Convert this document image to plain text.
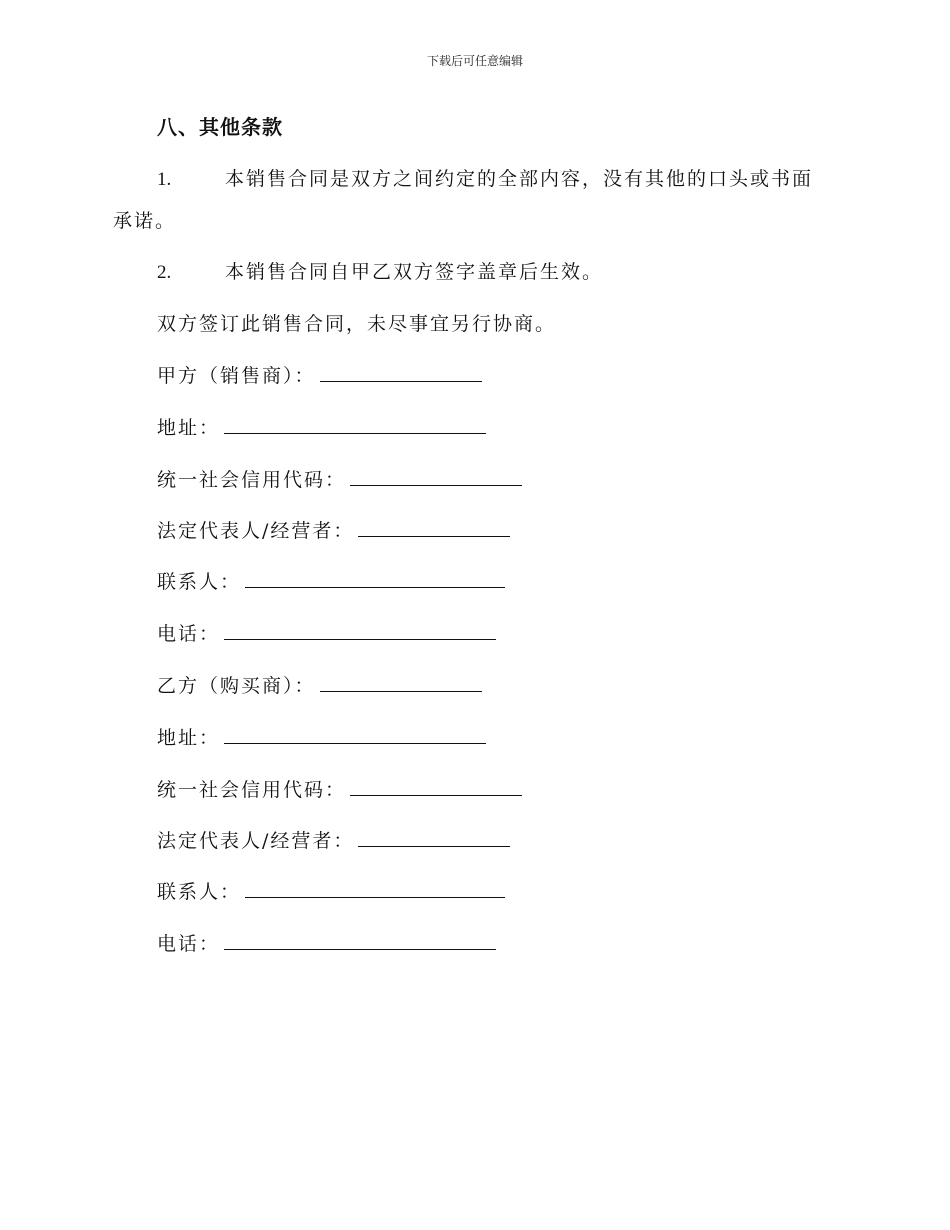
下载后可任意编辑
八、其他条款
1.	本销售合同是双方之间约定的全部内容，没有其他的口头或书面
承诺。
2.	本销售合同自甲乙双方签字盖章后生效。
双方签订此销售合同，未尽事宜另行协商。
甲方（销售商）：
地址：
统一社会信用代码：
法定代表人/经营者：
联系人：
电话：
乙方（购买商）：
地址：
统一社会信用代码：
法定代表人/经营者：
联系人：
电话：
